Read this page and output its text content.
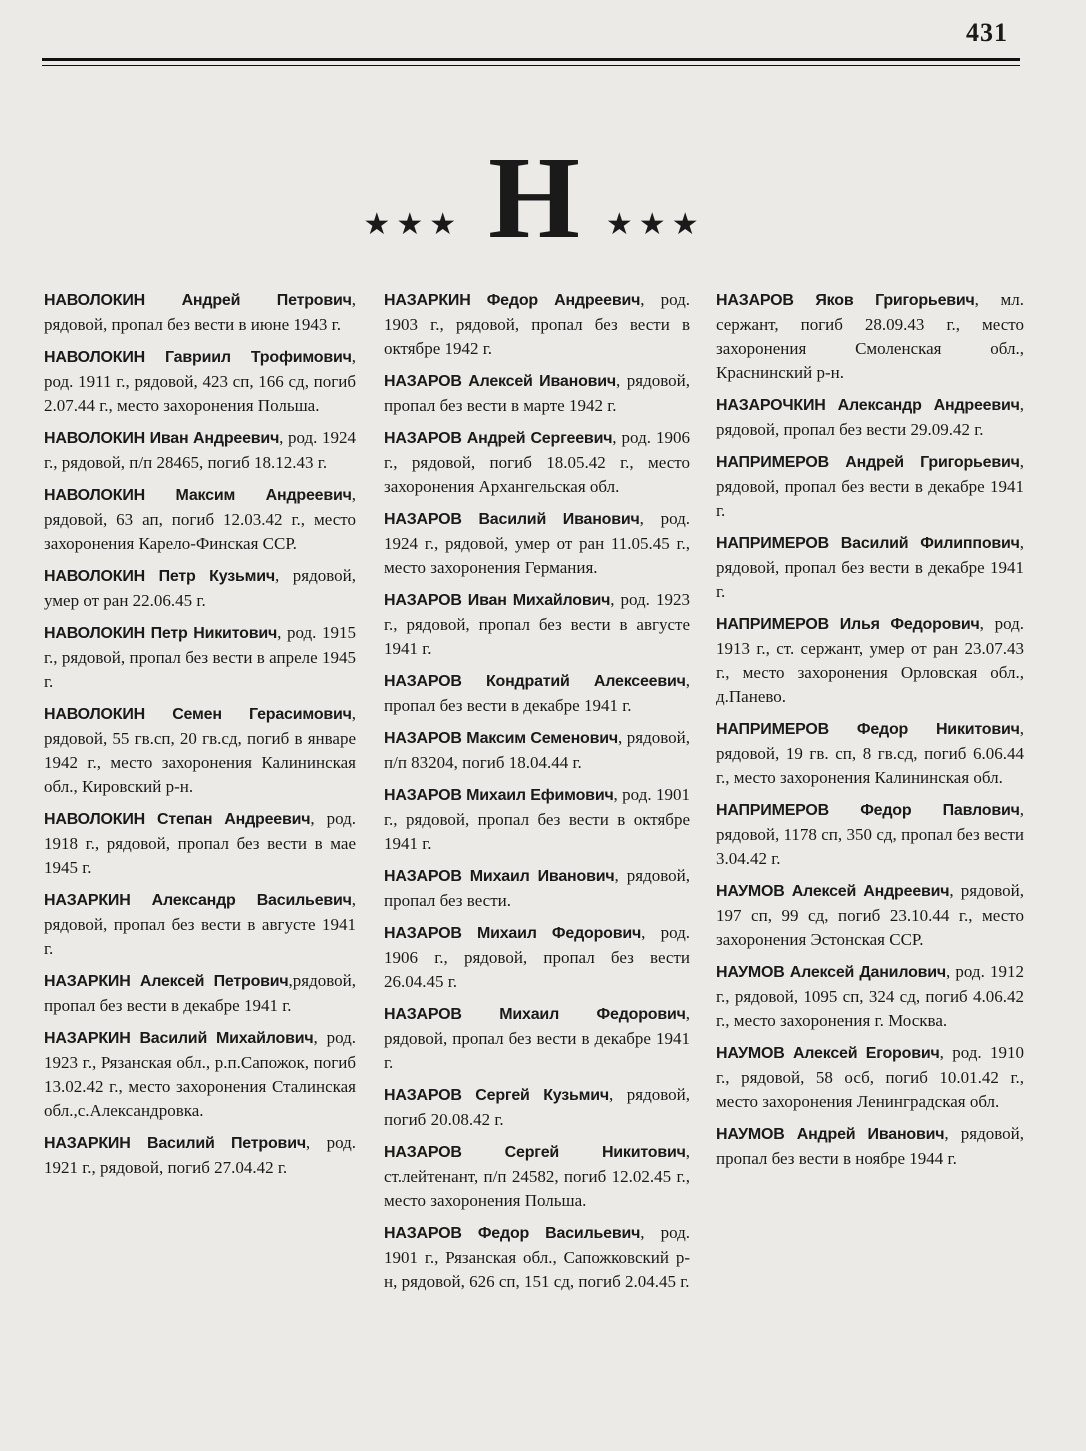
431
★★★ Н ★★★
НАВОЛОКИН Андрей Петрович, рядовой, пропал без вести в июне 1943 г.
НАВОЛОКИН Гавриил Трофимович, род. 1911 г., рядовой, 423 сп, 166 сд, погиб 2.07.44 г., место захоронения Польша.
НАВОЛОКИН Иван Андреевич, род. 1924 г., рядовой, п/п 28465, погиб 18.12.43 г.
НАВОЛОКИН Максим Андреевич, рядовой, 63 ап, погиб 12.03.42 г., место захоронения Карело-Финская ССР.
НАВОЛОКИН Петр Кузьмич, рядовой, умер от ран 22.06.45 г.
НАВОЛОКИН Петр Никитович, род. 1915 г., рядовой, пропал без вести в апреле 1945 г.
НАВОЛОКИН Семен Герасимович, рядовой, 55 гв.сп, 20 гв.сд, погиб в январе 1942 г., место захоронения Калининская обл., Кировский р-н.
НАВОЛОКИН Степан Андреевич, род. 1918 г., рядовой, пропал без вести в мае 1945 г.
НАЗАРКИН Александр Васильевич, рядовой, пропал без вести в августе 1941 г.
НАЗАРКИН Алексей Петрович,рядовой, пропал без вести в декабре 1941 г.
НАЗАРКИН Василий Михайлович, род. 1923 г., Рязанская обл., р.п.Сапожок, погиб 13.02.42 г., место захоронения Сталинская обл.,с.Александровка.
НАЗАРКИН Василий Петрович, род. 1921 г., рядовой, погиб 27.04.42 г.
НАЗАРКИН Федор Андреевич, род. 1903 г., рядовой, пропал без вести в октябре 1942 г.
НАЗАРОВ Алексей Иванович, рядовой, пропал без вести в марте 1942 г.
НАЗАРОВ Андрей Сергеевич, род. 1906 г., рядовой, погиб 18.05.42 г., место захоронения Архангельская обл.
НАЗАРОВ Василий Иванович, род. 1924 г., рядовой, умер от ран 11.05.45 г., место захоронения Германия.
НАЗАРОВ Иван Михайлович, род. 1923 г., рядовой, пропал без вести в августе 1941 г.
НАЗАРОВ Кондратий Алексеевич, пропал без вести в декабре 1941 г.
НАЗАРОВ Максим Семенович, рядовой, п/п 83204, погиб 18.04.44 г.
НАЗАРОВ Михаил Ефимович, род. 1901 г., рядовой, пропал без вести в октябре 1941 г.
НАЗАРОВ Михаил Иванович, рядовой, пропал без вести.
НАЗАРОВ Михаил Федорович, род. 1906 г., рядовой, пропал без вести 26.04.45 г.
НАЗАРОВ Михаил Федорович, рядовой, пропал без вести в декабре 1941 г.
НАЗАРОВ Сергей Кузьмич, рядовой, погиб 20.08.42 г.
НАЗАРОВ Сергей Никитович, ст.лейтенант, п/п 24582, погиб 12.02.45 г., место захоронения Польша.
НАЗАРОВ Федор Васильевич, род. 1901 г., Рязанская обл., Сапожковский р-н, рядовой, 626 сп, 151 сд, погиб 2.04.45 г.
НАЗАРОВ Яков Григорьевич, мл. сержант, погиб 28.09.43 г., место захоронения Смоленская обл., Краснинский р-н.
НАЗАРОЧКИН Александр Андреевич, рядовой, пропал без вести 29.09.42 г.
НАПРИМЕРОВ Андрей Григорьевич, рядовой, пропал без вести в декабре 1941 г.
НАПРИМЕРОВ Василий Филиппович, рядовой, пропал без вести в декабре 1941 г.
НАПРИМЕРОВ Илья Федорович, род. 1913 г., ст. сержант, умер от ран 23.07.43 г., место захоронения Орловская обл., д.Панево.
НАПРИМЕРОВ Федор Никитович, рядовой, 19 гв. сп, 8 гв.сд, погиб 6.06.44 г., место захоронения Калининская обл.
НАПРИМЕРОВ Федор Павлович, рядовой, 1178 сп, 350 сд, пропал без вести 3.04.42 г.
НАУМОВ Алексей Андреевич, рядовой, 197 сп, 99 сд, погиб 23.10.44 г., место захоронения Эстонская ССР.
НАУМОВ Алексей Данилович, род. 1912 г., рядовой, 1095 сп, 324 сд, погиб 4.06.42 г., место захоронения г. Москва.
НАУМОВ Алексей Егорович, род. 1910 г., рядовой, 58 осб, погиб 10.01.42 г., место захоронения Ленинградская обл.
НАУМОВ Андрей Иванович, рядовой, пропал без вести в ноябре 1944 г.
